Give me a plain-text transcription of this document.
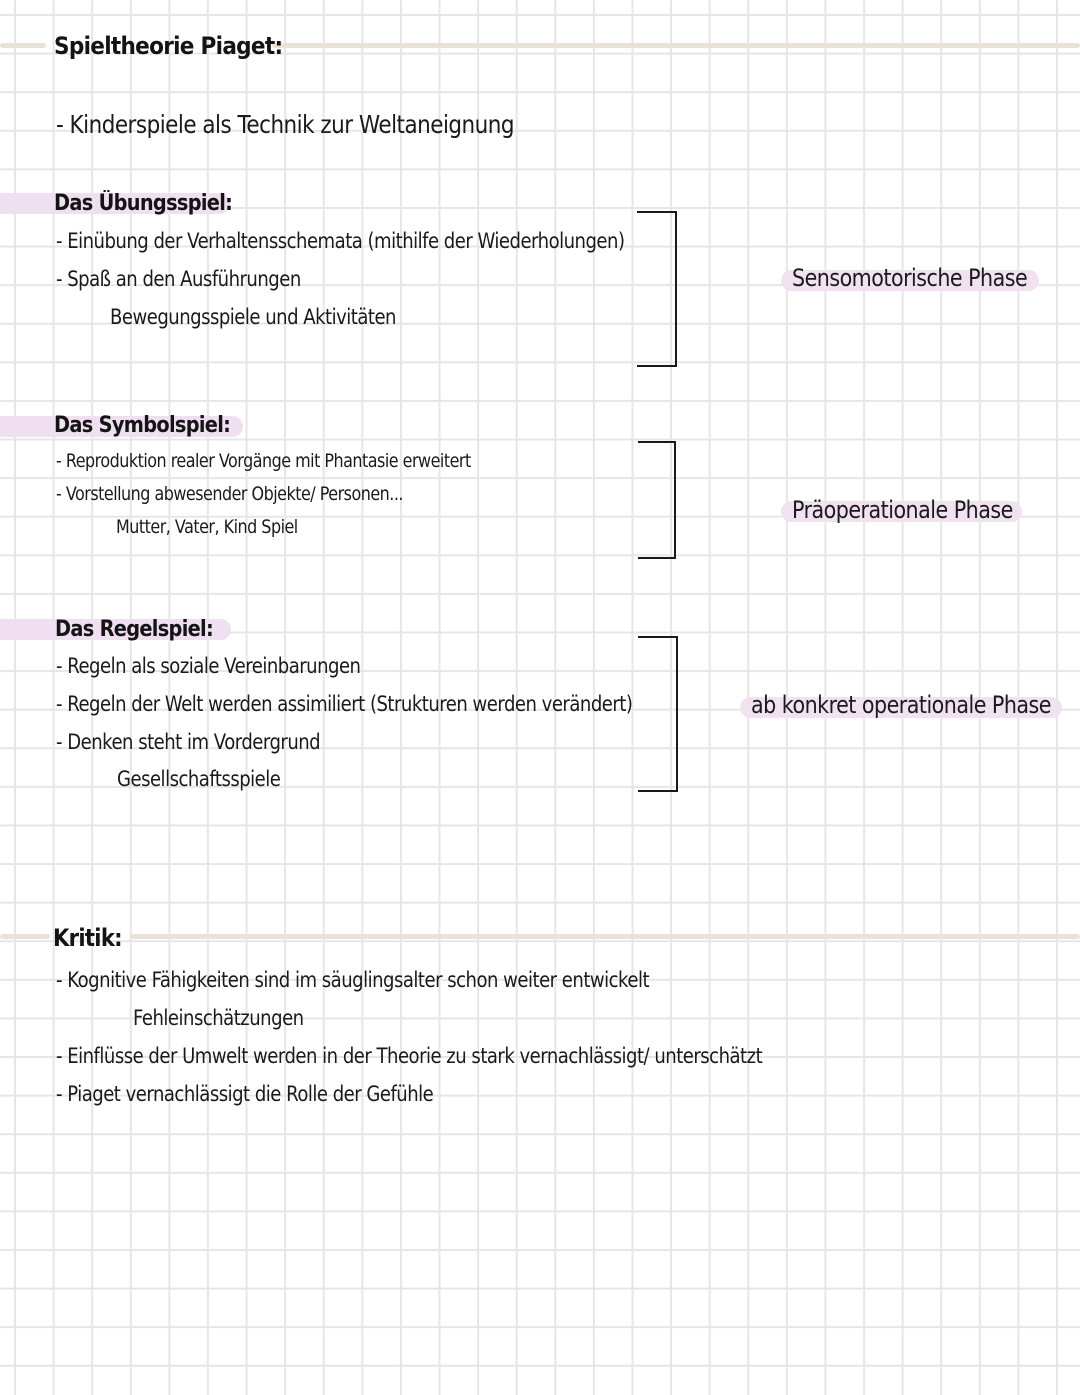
Spieltheorie Piaget:
- Kinderspiele als Technik zur Weltaneignung
Das Übungsspiel:
- Einübung der Verhaltensschemata (mithilfe der Wiederholungen)
- Spaß an den Ausführungen
Bewegungsspiele und Aktivitäten
Sensomotorische Phase
Das Symbolspiel:
- Reproduktion realer Vorgänge mit Phantasie erweitert
- Vorstellung abwesender Objekte/ Personen...
Mutter, Vater, Kind Spiel
Präoperationale Phase
Das Regelspiel:
- Regeln als soziale Vereinbarungen
- Regeln der Welt werden assimiliert (Strukturen werden verändert)
- Denken steht im Vordergrund
Gesellschaftsspiele
ab konkret operationale Phase
Kritik:
- Kognitive Fähigkeiten sind im säuglingsalter schon weiter entwickelt
Fehleinschätzungen
- Einflüsse der Umwelt werden in der Theorie zu stark vernachlässigt/ unterschätzt
- Piaget vernachlässigt die Rolle der Gefühle
